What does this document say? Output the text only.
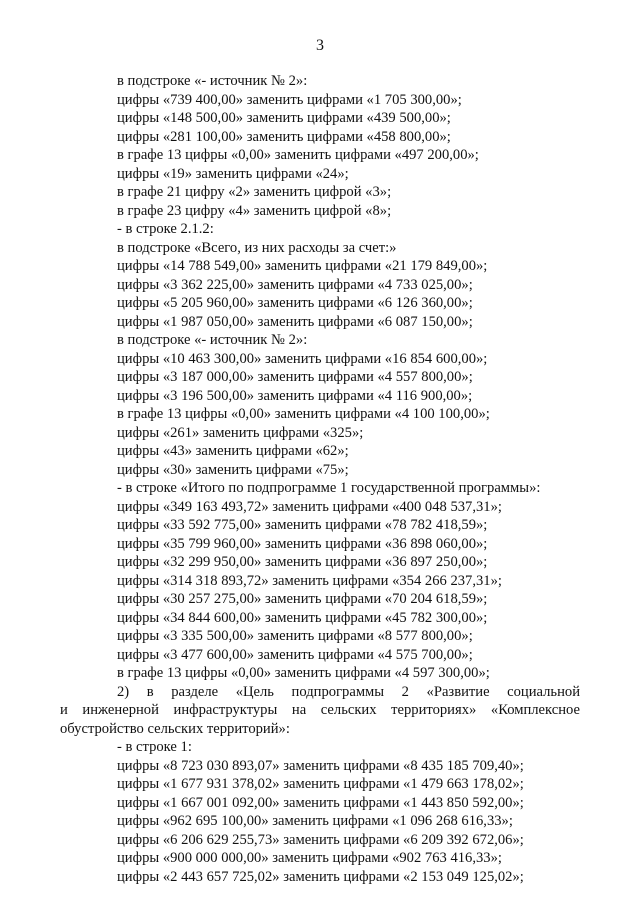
3
в подстроке «- источник № 2»:
цифры «739 400,00» заменить цифрами «1 705 300,00»;
цифры «148 500,00» заменить цифрами «439 500,00»;
цифры «281 100,00» заменить цифрами «458 800,00»;
в графе 13 цифры «0,00» заменить цифрами «497 200,00»;
цифры «19» заменить цифрами «24»;
в графе 21 цифру «2» заменить цифрой «3»;
в графе 23 цифру «4» заменить цифрой «8»;
- в строке 2.1.2:
в подстроке «Всего, из них расходы за счет:»
цифры «14 788 549,00» заменить цифрами «21 179 849,00»;
цифры «3 362 225,00» заменить цифрами «4 733 025,00»;
цифры «5 205 960,00» заменить цифрами «6 126 360,00»;
цифры «1 987 050,00» заменить цифрами «6 087 150,00»;
в подстроке «- источник № 2»:
цифры «10 463 300,00» заменить цифрами «16 854 600,00»;
цифры «3 187 000,00» заменить цифрами «4 557 800,00»;
цифры «3 196 500,00» заменить цифрами «4 116 900,00»;
в графе 13 цифры «0,00» заменить цифрами «4 100 100,00»;
цифры «261» заменить цифрами «325»;
цифры «43» заменить цифрами «62»;
цифры «30» заменить цифрами «75»;
- в строке «Итого по подпрограмме 1 государственной программы»:
цифры «349 163 493,72» заменить цифрами «400 048 537,31»;
цифры «33 592 775,00» заменить цифрами «78 782 418,59»;
цифры «35 799 960,00» заменить цифрами «36 898 060,00»;
цифры «32 299 950,00» заменить цифрами «36 897 250,00»;
цифры «314 318 893,72» заменить цифрами «354 266 237,31»;
цифры «30 257 275,00» заменить цифрами «70 204 618,59»;
цифры «34 844 600,00» заменить цифрами «45 782 300,00»;
цифры «3 335 500,00» заменить цифрами «8 577 800,00»;
цифры «3 477 600,00» заменить цифрами «4 575 700,00»;
в графе 13 цифры «0,00» заменить цифрами «4 597 300,00»;
2) в разделе «Цель подпрограммы 2 «Развитие социальной
и инженерной инфраструктуры на сельских территориях» «Комплексное
обустройство сельских территорий»:
- в строке 1:
цифры «8 723 030 893,07» заменить цифрами «8 435 185 709,40»;
цифры «1 677 931 378,02» заменить цифрами «1 479 663 178,02»;
цифры «1 667 001 092,00» заменить цифрами «1 443 850 592,00»;
цифры «962 695 100,00» заменить цифрами «1 096 268 616,33»;
цифры «6 206 629 255,73» заменить цифрами «6 209 392 672,06»;
цифры «900 000 000,00» заменить цифрами «902 763 416,33»;
цифры «2 443 657 725,02» заменить цифрами «2 153 049 125,02»;
